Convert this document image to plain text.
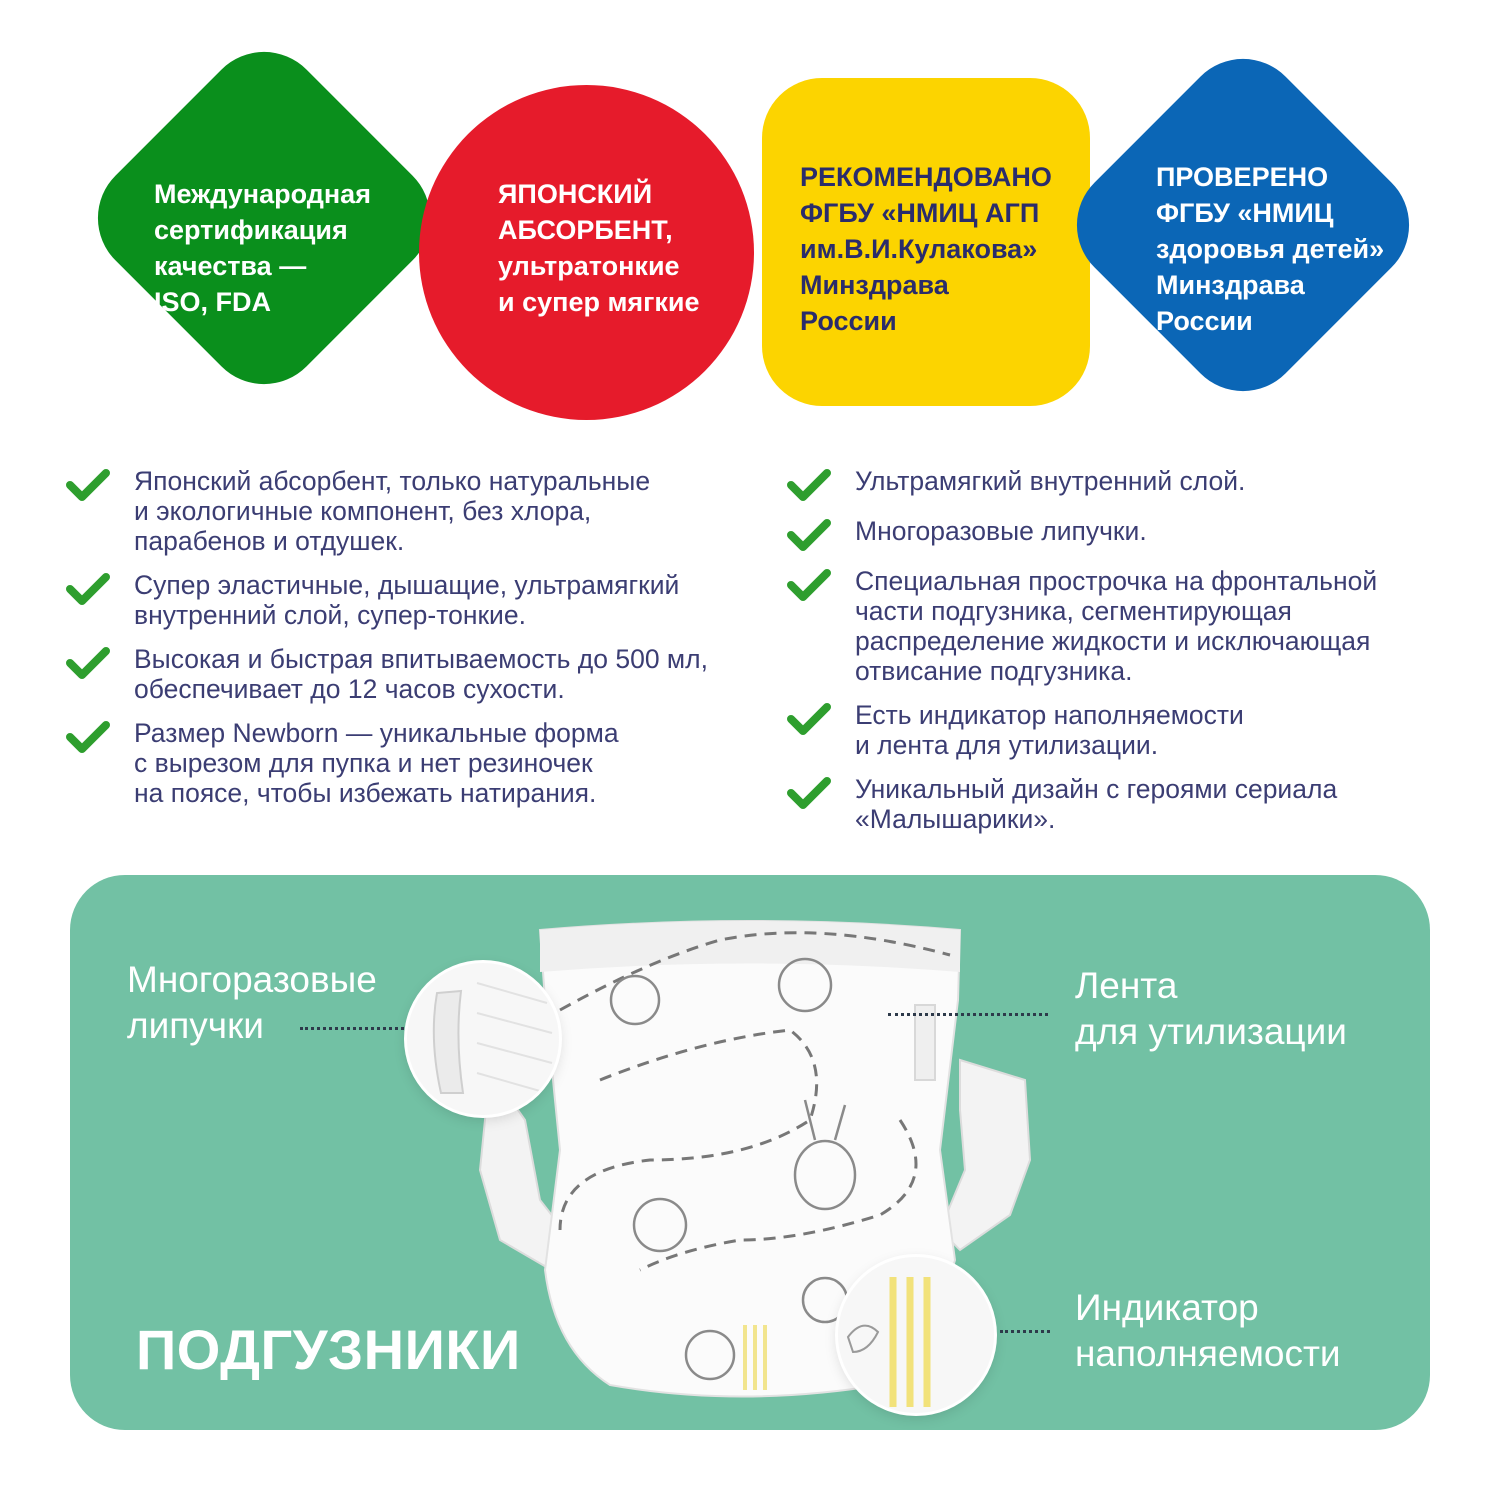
Международная
сертификация
качества —
ISO, FDA
ЯПОНСКИЙ
АБСОРБЕНТ,
ультратонкие
и супер мягкие
РЕКОМЕНДОВАНО
ФГБУ «НМИЦ АГП
им.В.И.Кулакова»
Минздрава
России
ПРОВЕРЕНО
ФГБУ «НМИЦ
здоровья детей»
Минздрава
России
Японский абсорбент, только натуральные
и экологичные компонент, без хлора,
парабенов и отдушек.
Супер эластичные, дышащие, ультрамягкий
внутренний слой, супер-тонкие.
Высокая и быстрая впитываемость до 500 мл,
обеспечивает до 12 часов сухости.
Размер Newborn — уникальные форма
с вырезом для пупка и нет резиночек
на поясе, чтобы избежать натирания.
Ультрамягкий внутренний слой.
Многоразовые липучки.
Специальная прострочка на фронтальной
части подгузника, сегментирующая
распределение жидкости и исключающая
отвисание подгузника.
Есть индикатор наполняемости
и лента для утилизации.
Уникальный дизайн с героями сериала
«Малышарики».
Многоразовые
липучки
Лента
для утилизации
Индикатор
наполняемости
ПОДГУЗНИКИ
